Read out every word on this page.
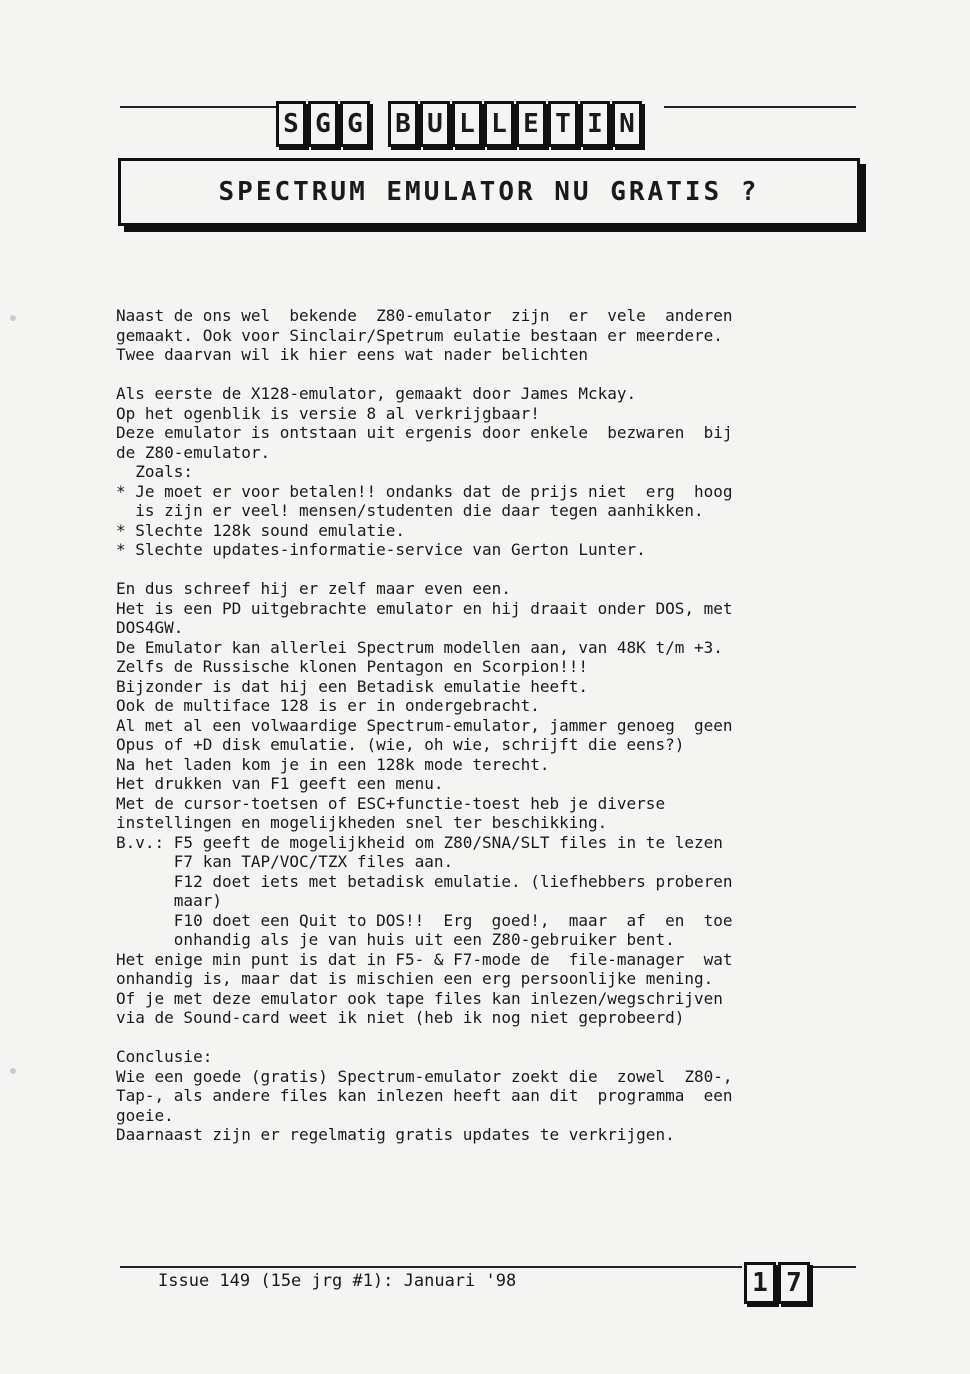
S G G B U L L E T I N
SPECTRUM EMULATOR NU GRATIS ?
Naast de ons wel  bekende  Z80-emulator  zijn  er  vele  anderen
gemaakt. Ook voor Sinclair/Spetrum eulatie bestaan er meerdere.
Twee daarvan wil ik hier eens wat nader belichten
Als eerste de X128-emulator, gemaakt door James Mckay.
Op het ogenblik is versie 8 al verkrijgbaar!
Deze emulator is ontstaan uit ergenis door enkele  bezwaren  bij
de Z80-emulator.
Zoals:
* Je moet er voor betalen!! ondanks dat de prijs niet  erg  hoog
is zijn er veel! mensen/studenten die daar tegen aanhikken.
* Slechte 128k sound emulatie.
* Slechte updates-informatie-service van Gerton Lunter.
En dus schreef hij er zelf maar even een.
Het is een PD uitgebrachte emulator en hij draait onder DOS, met
DOS4GW.
De Emulator kan allerlei Spectrum modellen aan, van 48K t/m +3.
Zelfs de Russische klonen Pentagon en Scorpion!!!
Bijzonder is dat hij een Betadisk emulatie heeft.
Ook de multiface 128 is er in ondergebracht.
Al met al een volwaardige Spectrum-emulator, jammer genoeg  geen
Opus of +D disk emulatie. (wie, oh wie, schrijft die eens?)
Na het laden kom je in een 128k mode terecht.
Het drukken van F1 geeft een menu.
Met de cursor-toetsen of ESC+functie-toest heb je diverse
instellingen en mogelijkheden snel ter beschikking.
B.v.: F5 geeft de mogelijkheid om Z80/SNA/SLT files in te lezen
F7 kan TAP/VOC/TZX files aan.
F12 doet iets met betadisk emulatie. (liefhebbers proberen
maar)
F10 doet een Quit to DOS!!  Erg  goed!,  maar  af  en  toe
onhandig als je van huis uit een Z80-gebruiker bent.
Het enige min punt is dat in F5- & F7-mode de  file-manager  wat
onhandig is, maar dat is mischien een erg persoonlijke mening.
Of je met deze emulator ook tape files kan inlezen/wegschrijven
via de Sound-card weet ik niet (heb ik nog niet geprobeerd)
Conclusie:
Wie een goede (gratis) Spectrum-emulator zoekt die  zowel  Z80-,
Tap-, als andere files kan inlezen heeft aan dit  programma  een
goeie.
Daarnaast zijn er regelmatig gratis updates te verkrijgen.
Issue 149 (15e jrg #1): Januari '98	1 7
